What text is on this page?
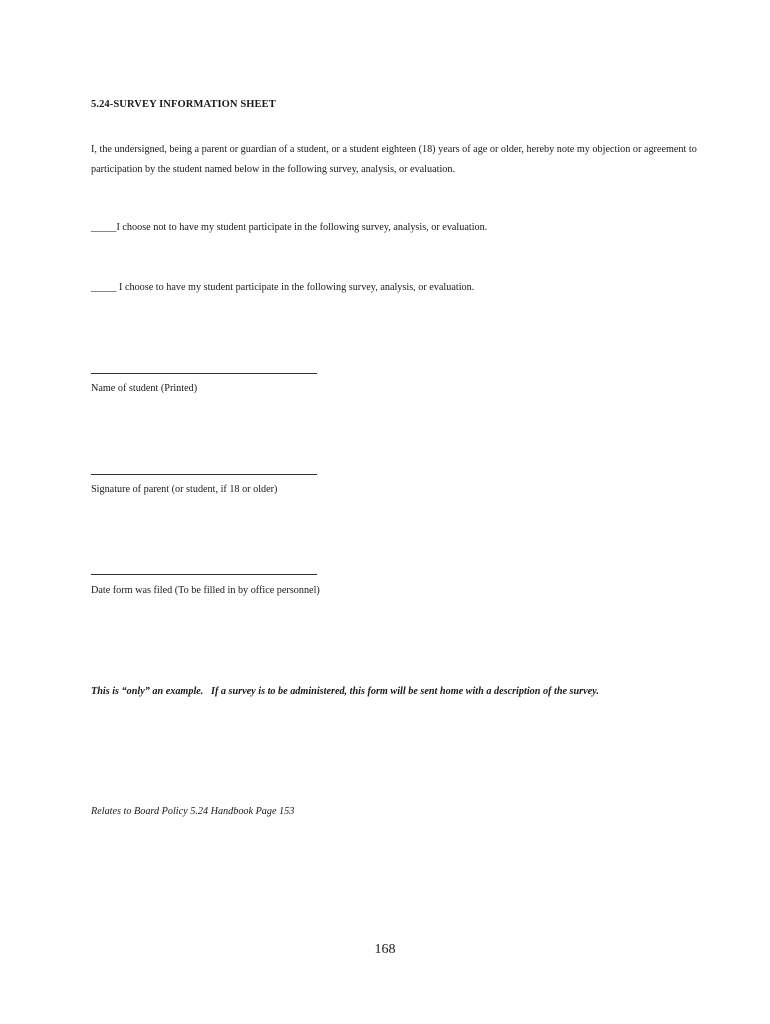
5.24-SURVEY INFORMATION SHEET

I, the undersigned, being a parent or guardian of a student, or a student eighteen (18) years of age or older, hereby note my objection or agreement to participation by the student named below in the following survey, analysis, or evaluation.

_____I choose not to have my student participate in the following survey, analysis, or evaluation.

_____ I choose to have my student participate in the following survey, analysis, or evaluation.

Name of student (Printed)

Signature of parent (or student, if 18 or older)

Date form was filed (To be filled in by office personnel)

This is “only” an example.   If a survey is to be administered, this form will be sent home with a description of the survey.

Relates to Board Policy 5.24 Handbook Page 153

168
